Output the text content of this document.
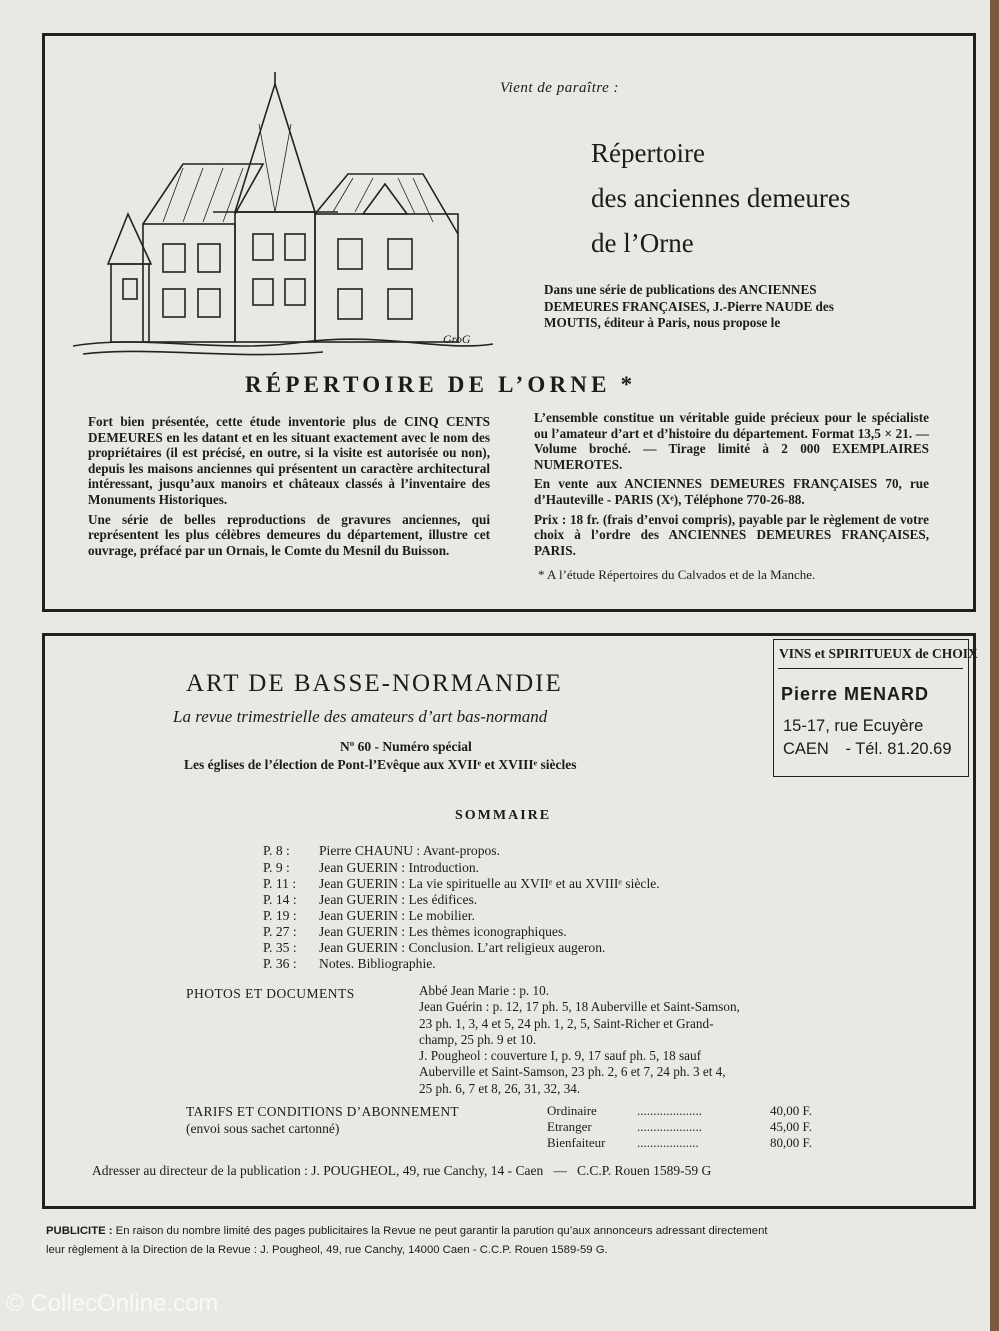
GroG
Vient de paraître :
Répertoire
des anciennes demeures
de l’Orne
Dans une série de publications des ANCIENNES
DEMEURES FRANÇAISES, J.-Pierre NAUDE des
MOUTIS, éditeur à Paris, nous propose le
RÉPERTOIRE DE L’ORNE *

Fort bien présentée, cette étude inventorie plus de CINQ CENTS DEMEURES en les datant et en les situant exactement avec le nom des propriétaires (il est précisé, en outre, si la visite est autorisée ou non), depuis les maisons anciennes qui présentent un caractère architectural intéressant, jusqu’aux manoirs et châteaux classés à l’inventaire des Monuments Historiques.

Une série de belles reproductions de gravures anciennes, qui représentent les plus célèbres demeures du département, illustre cet ouvrage, préfacé par un Ornais, le Comte du Mesnil du Buisson.

L’ensemble constitue un véritable guide précieux pour le spécialiste ou l’amateur d’art et d’histoire du département. Format 13,5 × 21. — Volume broché. — Tirage limité à 2 000 EXEMPLAIRES NUMEROTES.

En vente aux ANCIENNES DEMEURES FRANÇAISES 70, rue d’Hauteville - PARIS (Xᵉ), Téléphone 770-26-88.

Prix : 18 fr. (frais d’envoi compris), payable par le règlement de votre choix à l’ordre des ANCIENNES DEMEURES FRANÇAISES, PARIS.

* A l’étude Répertoires du Calvados et de la Manche.
ART DE BASSE-NORMANDIE
La revue trimestrielle des amateurs d’art bas-normand
Nº 60 - Numéro spécial
Les églises de l’élection de Pont-l’Evêque aux XVIIᵉ et XVIIIᵉ siècles
VINS et SPIRITUEUX de CHOIX
Pierre MENARD
15-17, rue Ecuyère
CAEN - Tél. 81.20.69
SOMMAIRE
P. 8 : Pierre CHAUNU : Avant-propos.
P. 9 : Jean GUERIN : Introduction.
P. 11 : Jean GUERIN : La vie spirituelle au XVIIᵉ et au XVIIIᵉ siècle.
P. 14 : Jean GUERIN : Les édifices.
P. 19 : Jean GUERIN : Le mobilier.
P. 27 : Jean GUERIN : Les thèmes iconographiques.
P. 35 : Jean GUERIN : Conclusion. L’art religieux augeron.
P. 36 : Notes. Bibliographie.
PHOTOS ET DOCUMENTS	Abbé Jean Marie : p. 10.
Jean Guérin : p. 12, 17 ph. 5, 18 Auberville et Saint-Samson,
23 ph. 1, 3, 4 et 5, 24 ph. 1, 2, 5, Saint-Richer et Grand-
champ, 25 ph. 9 et 10.
J. Pougheol : couverture I, p. 9, 17 sauf ph. 5, 18 sauf
Auberville et Saint-Samson, 23 ph. 2, 6 et 7, 24 ph. 3 et 4,
25 ph. 6, 7 et 8, 26, 31, 32, 34.
TARIFS ET CONDITIONS D’ABONNEMENT
(envoi sous sachet cartonné)
Ordinaire	....................	40,00 F.
Etranger	....................	45,00 F.
Bienfaiteur ...................	80,00 F.
Adresser au directeur de la publication : J. POUGHEOL, 49, rue Canchy, 14 - Caen   —   C.C.P. Rouen 1589-59 G
PUBLICITE : En raison du nombre limité des pages publicitaires la Revue ne peut garantir la parution qu’aux annonceurs adressant directement
leur règlement à la Direction de la Revue : J. Pougheol, 49, rue Canchy, 14000 Caen - C.C.P. Rouen 1589-59 G.
© CollecOnline.com
